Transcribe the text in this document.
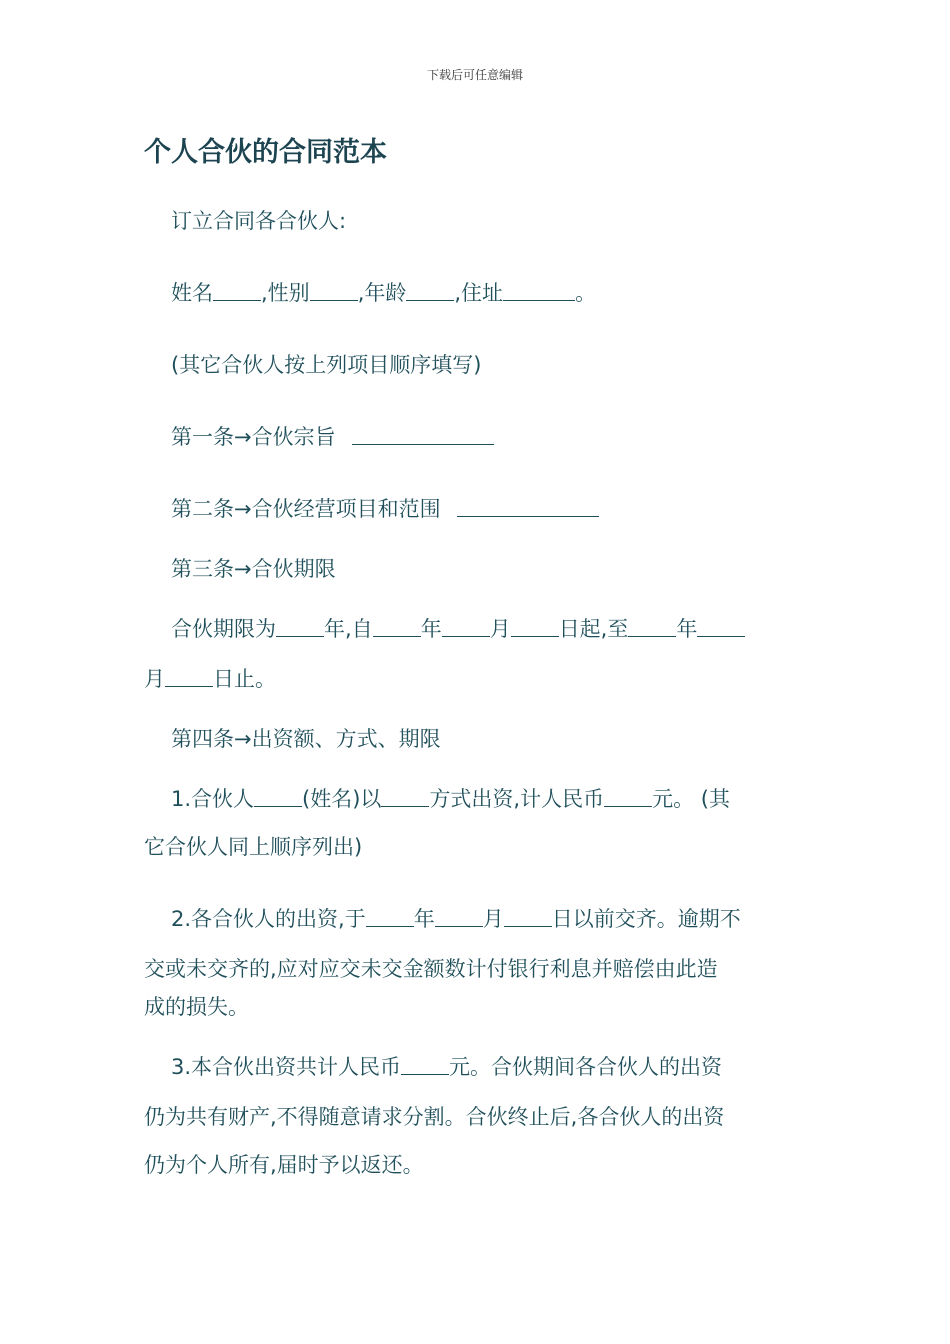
下载后可任意编辑
个人合伙的合同范本

订立合同各合伙人:

姓名 ,性别 ,年龄 ,住址	。

(其它合伙人按上列项目顺序填写)

第一条→合伙宗旨

第二条→合伙经营项目和范围

第三条→合伙期限

合伙期限为 年,自 年 月 日起,至 年

月 日止。

第四条→出资额、方式、期限

1.合伙人 (姓名)以 方式出资,计人民币 元。 (其

它合伙人同上顺序列出)

2.各合伙人的出资,于 年 月 日以前交齐。逾期不

交或未交齐的,应对应交未交金额数计付银行利息并赔偿由此造

成的损失。

3.本合伙出资共计人民币 元。合伙期间各合伙人的出资

仍为共有财产,不得随意请求分割。合伙终止后,各合伙人的出资

仍为个人所有,届时予以返还。
